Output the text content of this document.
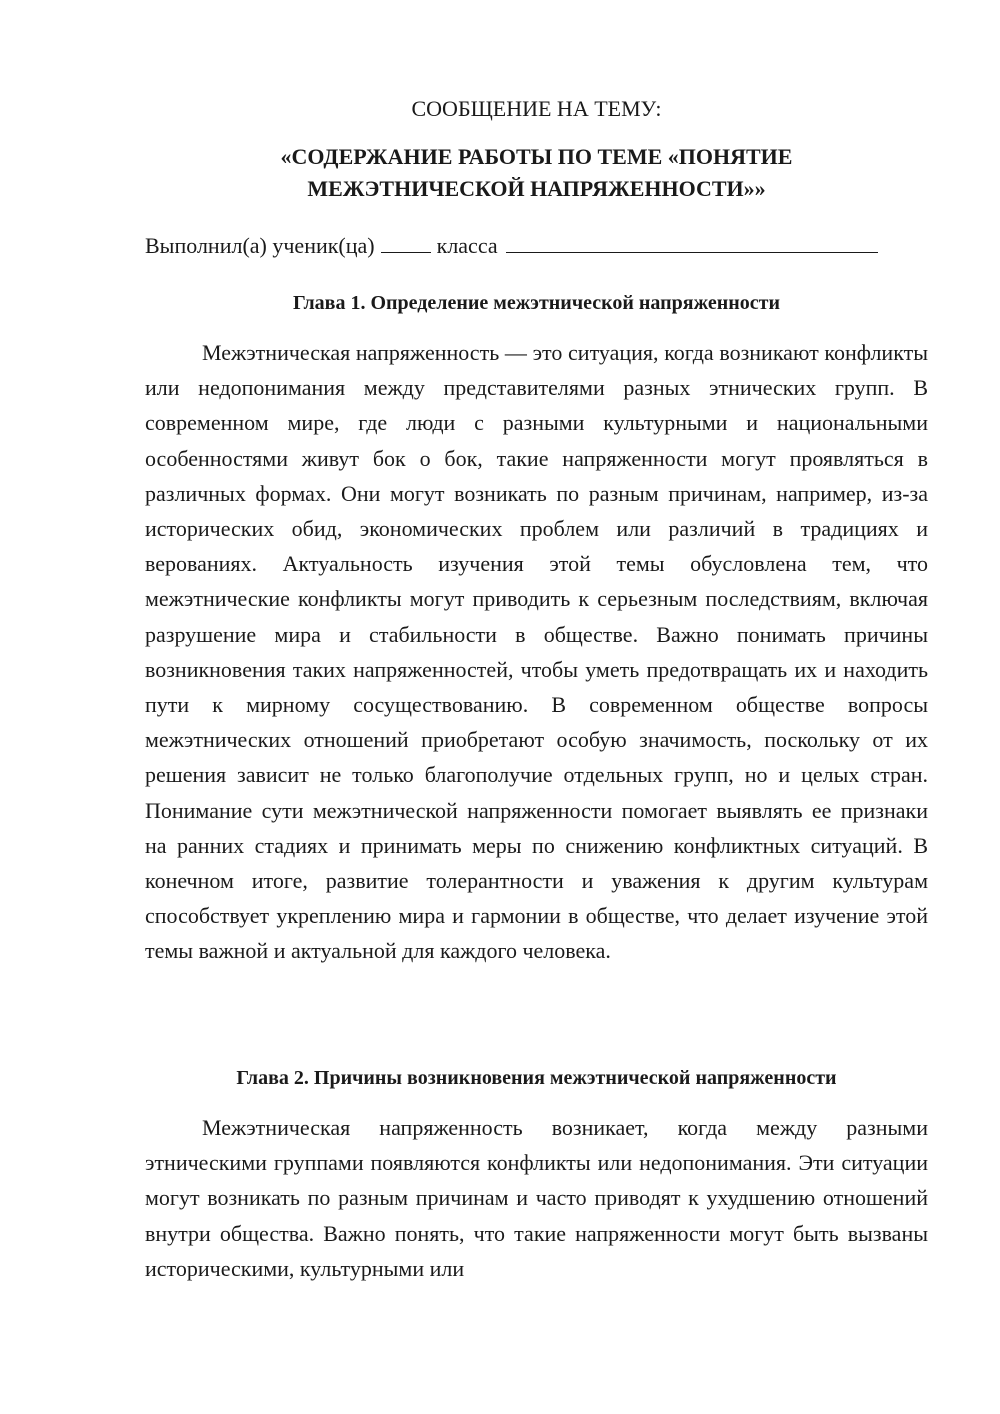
СООБЩЕНИЕ НА ТЕМУ:

«СОДЕРЖАНИЕ РАБОТЫ ПО ТЕМЕ «ПОНЯТИЕ
МЕЖЭТНИЧЕСКОЙ НАПРЯЖЕННОСТИ»»
Выполнил(а) ученик(ца)	класса
Глава 1. Определение межэтнической напряженности

Межэтническая напряженность — это ситуация, когда возникают конфликты или недопонимания между представителями разных этнических групп. В современном мире, где люди с разными культурными и национальными особенностями живут бок о бок, такие напряженности могут проявляться в различных формах. Они могут возникать по разным причинам, например, из-за исторических обид, экономических проблем или различий в традициях и верованиях. Актуальность изучения этой темы обусловлена тем, что межэтнические конфликты могут приводить к серьезным последствиям, включая разрушение мира и стабильности в обществе. Важно понимать причины возникновения таких напряженностей, чтобы уметь предотвращать их и находить пути к мирному сосуществованию. В современном обществе вопросы межэтнических отношений приобретают особую значимость, поскольку от их решения зависит не только благополучие отдельных групп, но и целых стран. Понимание сути межэтнической напряженности помогает выявлять ее признаки на ранних стадиях и принимать меры по снижению конфликтных ситуаций. В конечном итоге, развитие толерантности и уважения к другим культурам способствует укреплению мира и гармонии в обществе, что делает изучение этой темы важной и актуальной для каждого человека.

Глава 2. Причины возникновения межэтнической напряженности

Межэтническая напряженность возникает, когда между разными этническими группами появляются конфликты или недопонимания. Эти ситуации могут возникать по разным причинам и часто приводят к ухудшению отношений внутри общества. Важно понять, что такие напряженности могут быть вызваны историческими, культурными или
